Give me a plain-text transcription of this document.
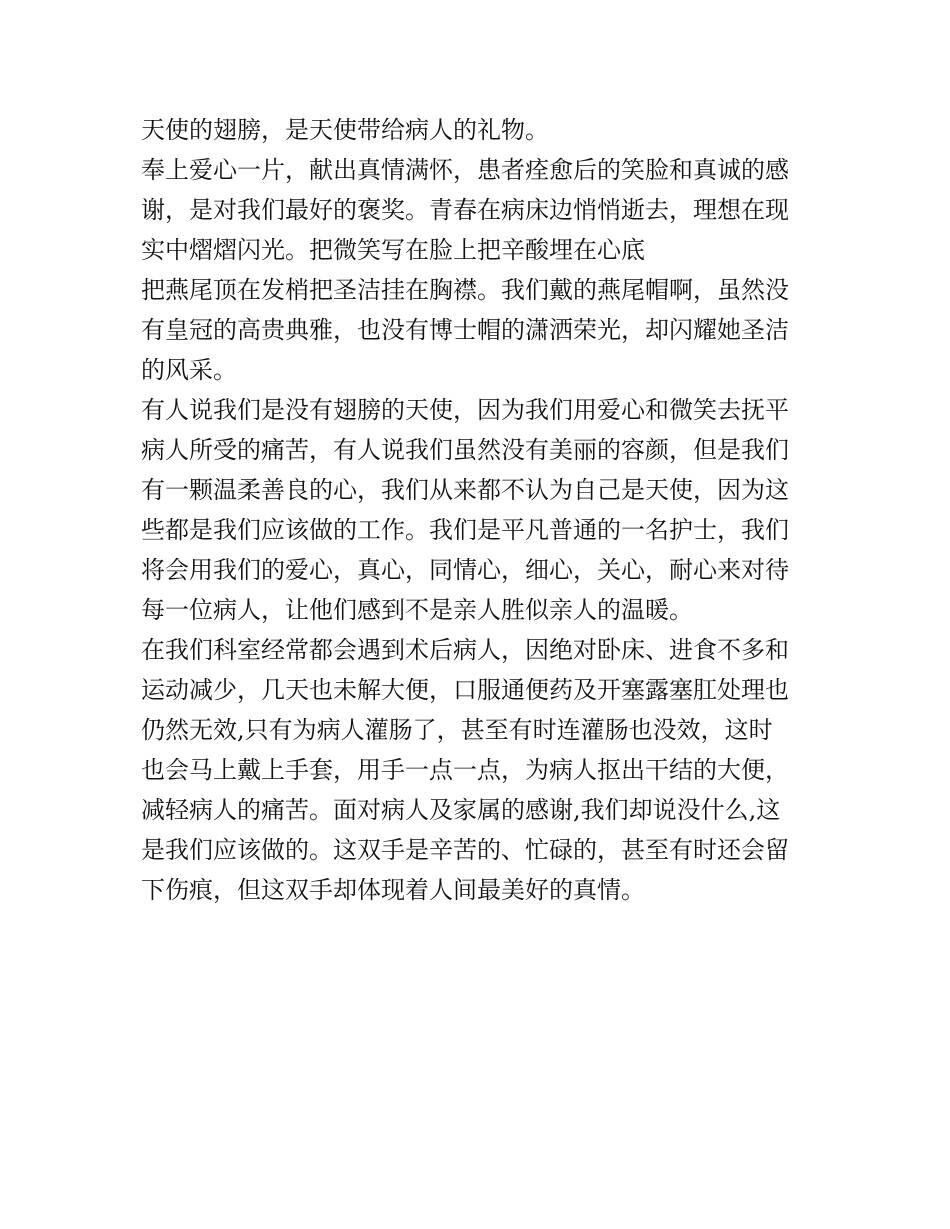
天使的翅膀，是天使带给病人的礼物。
奉上爱心一片，献出真情满怀，患者痊愈后的笑脸和真诚的感
谢，是对我们最好的褒奖。青春在病床边悄悄逝去，理想在现
实中熠熠闪光。把微笑写在脸上把辛酸埋在心底
把燕尾顶在发梢把圣洁挂在胸襟。我们戴的燕尾帽啊，虽然没
有皇冠的高贵典雅，也没有博士帽的潇洒荣光，却闪耀她圣洁
的风采。
有人说我们是没有翅膀的天使，因为我们用爱心和微笑去抚平
病人所受的痛苦，有人说我们虽然没有美丽的容颜，但是我们
有一颗温柔善良的心，我们从来都不认为自己是天使，因为这
些都是我们应该做的工作。我们是平凡普通的一名护士，我们
将会用我们的爱心，真心，同情心，细心，关心，耐心来对待
每一位病人，让他们感到不是亲人胜似亲人的温暖。
在我们科室经常都会遇到术后病人，因绝对卧床、进食不多和
运动减少，几天也未解大便，口服通便药及开塞露塞肛处理也
仍然无效,只有为病人灌肠了，甚至有时连灌肠也没效，这时
也会马上戴上手套，用手一点一点，为病人抠出干结的大便，
减轻病人的痛苦。面对病人及家属的感谢,我们却说没什么,这
是我们应该做的。这双手是辛苦的、忙碌的，甚至有时还会留
下伤痕，但这双手却体现着人间最美好的真情。
